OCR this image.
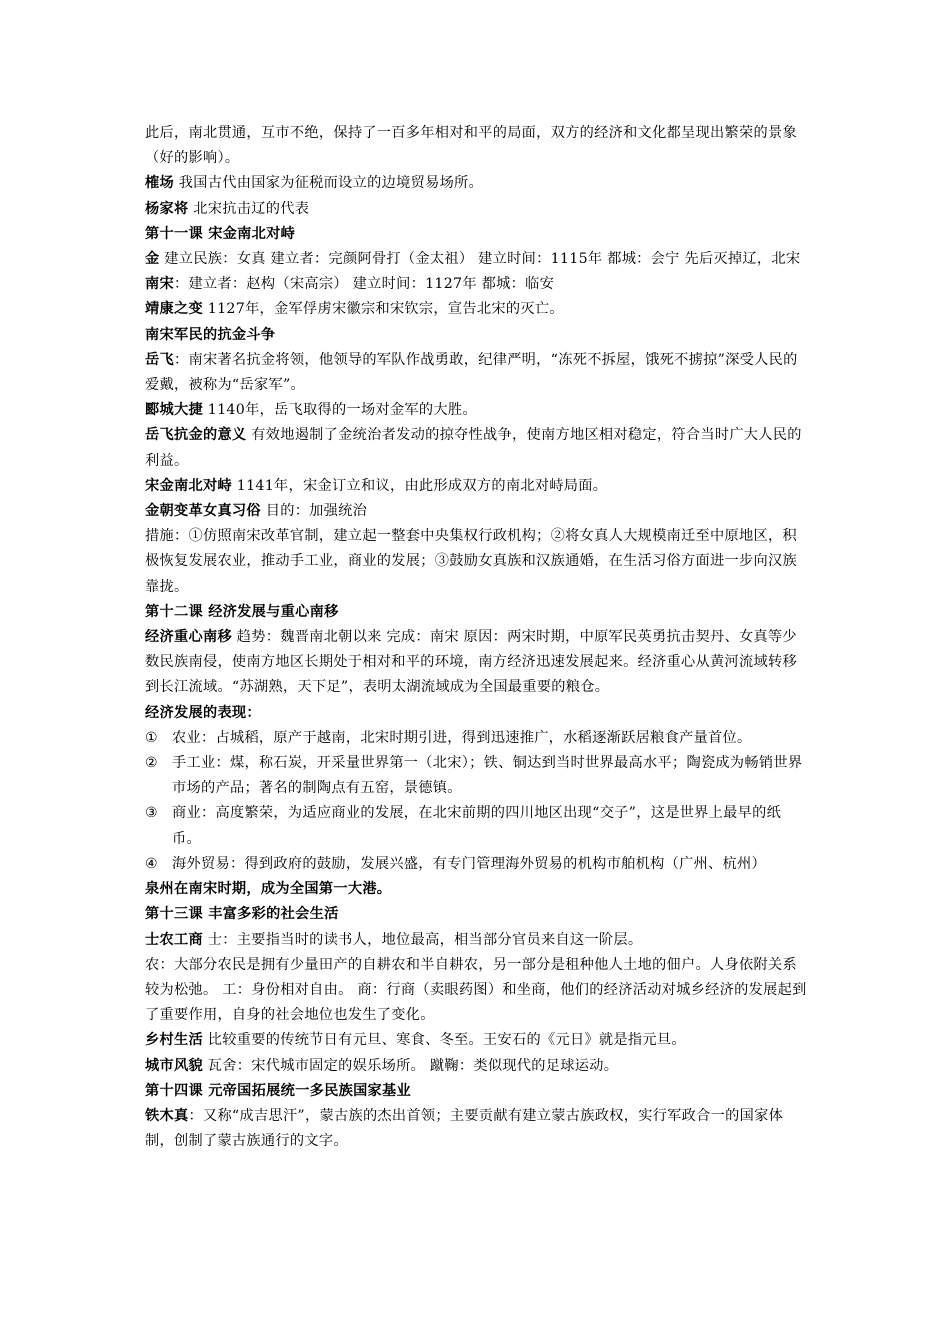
此后，南北贯通，互市不绝，保持了一百多年相对和平的局面，双方的经济和文化都呈现出繁荣的景象（好的影响）。
榷场 我国古代由国家为征税而设立的边境贸易场所。
杨家将 北宋抗击辽的代表
第十一课 宋金南北对峙
金 建立民族：女真 建立者：完颜阿骨打（金太祖） 建立时间：1115年 都城：会宁 先后灭掉辽，北宋
南宋：建立者：赵构（宋高宗） 建立时间：1127年 都城：临安
靖康之变 1127年，金军俘虏宋徽宗和宋钦宗，宣告北宋的灭亡。
南宋军民的抗金斗争
岳飞：南宋著名抗金将领，他领导的军队作战勇敢，纪律严明，“冻死不拆屋，饿死不掳掠”深受人民的爱戴，被称为“岳家军”。
郾城大捷 1140年，岳飞取得的一场对金军的大胜。
岳飞抗金的意义 有效地遏制了金统治者发动的掠夺性战争，使南方地区相对稳定，符合当时广大人民的利益。
宋金南北对峙 1141年，宋金订立和议，由此形成双方的南北对峙局面。
金朝变革女真习俗 目的：加强统治
措施：①仿照南宋改革官制，建立起一整套中央集权行政机构；②将女真人大规模南迁至中原地区，积极恢复发展农业，推动手工业，商业的发展；③鼓励女真族和汉族通婚，在生活习俗方面进一步向汉族靠拢。
第十二课 经济发展与重心南移
经济重心南移 趋势：魏晋南北朝以来 完成：南宋 原因：两宋时期，中原军民英勇抗击契丹、女真等少数民族南侵，使南方地区长期处于相对和平的环境，南方经济迅速发展起来。经济重心从黄河流域转移到长江流域。“苏湖熟，天下足”，表明太湖流域成为全国最重要的粮仓。
经济发展的表现：
① 农业：占城稻，原产于越南，北宋时期引进，得到迅速推广，水稻逐渐跃居粮食产量首位。
② 手工业：煤，称石炭，开采量世界第一（北宋）；铁、铜达到当时世界最高水平；陶瓷成为畅销世界市场的产品；著名的制陶点有五窑，景德镇。
③ 商业：高度繁荣，为适应商业的发展，在北宋前期的四川地区出现“交子”，这是世界上最早的纸币。
④ 海外贸易：得到政府的鼓励，发展兴盛，有专门管理海外贸易的机构市舶机构（广州、杭州）
泉州在南宋时期，成为全国第一大港。
第十三课 丰富多彩的社会生活
士农工商 士：主要指当时的读书人，地位最高，相当部分官员来自这一阶层。
农：大部分农民是拥有少量田产的自耕农和半自耕农，另一部分是租种他人土地的佃户。人身依附关系较为松弛。 工：身份相对自由。 商：行商（卖眼药图）和坐商，他们的经济活动对城乡经济的发展起到了重要作用，自身的社会地位也发生了变化。
乡村生活 比较重要的传统节日有元旦、寒食、冬至。王安石的《元日》就是指元旦。
城市风貌 瓦舍：宋代城市固定的娱乐场所。 蹴鞠：类似现代的足球运动。
第十四课 元帝国拓展统一多民族国家基业
铁木真：又称“成吉思汗”，蒙古族的杰出首领；主要贡献有建立蒙古族政权，实行军政合一的国家体制，创制了蒙古族通行的文字。
